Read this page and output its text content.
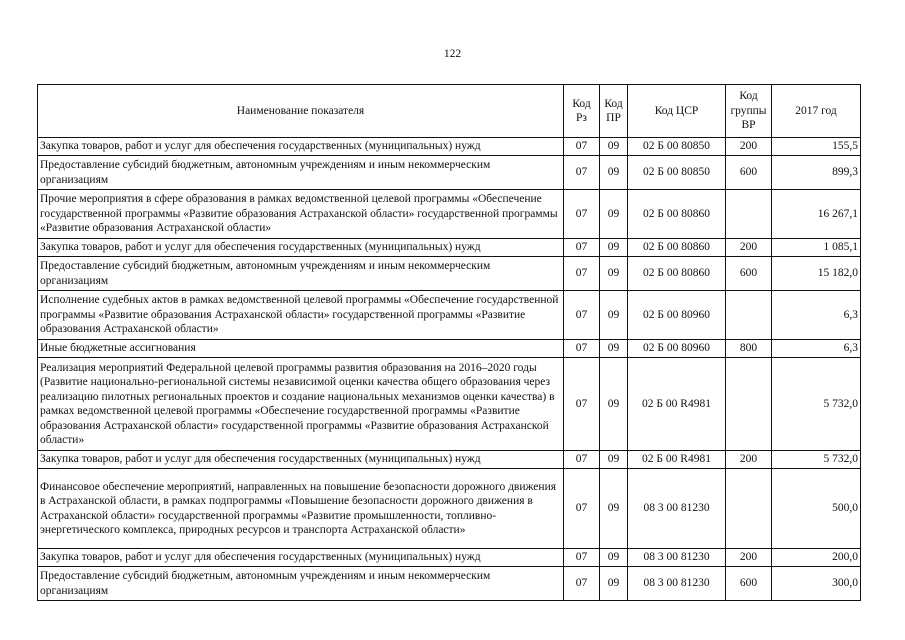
122
Наименование показателя	Код Рз	Код ПР	Код ЦСР	Код группы ВР	2017 год
Закупка товаров, работ и услуг для обеспечения государственных (муниципальных) нужд	07	09	02 Б 00 80850	200	155,5
Предоставление субсидий бюджетным, автономным учреждениям и иным некоммерческим организациям	07	09	02 Б 00 80850	600	899,3
Прочие мероприятия в сфере образования в рамках ведомственной целевой программы «Обеспечение государственной программы «Развитие образования Астраханской области» государственной программы «Развитие образования Астраханской области»	07	09	02 Б 00 80860		16 267,1
Закупка товаров, работ и услуг для обеспечения государственных (муниципальных) нужд	07	09	02 Б 00 80860	200	1 085,1
Предоставление субсидий бюджетным, автономным учреждениям и иным некоммерческим организациям	07	09	02 Б 00 80860	600	15 182,0
Исполнение судебных актов в рамках ведомственной целевой программы «Обеспечение государственной программы «Развитие образования Астраханской области» государственной программы «Развитие образования Астраханской области»	07	09	02 Б 00 80960		6,3
Иные бюджетные ассигнования	07	09	02 Б 00 80960	800	6,3
Реализация мероприятий Федеральной целевой программы развития образования на 2016–2020 годы (Развитие национально-региональной системы независимой оценки качества общего образования через реализацию пилотных региональных проектов и создание национальных механизмов оценки качества) в рамках ведомственной целевой программы «Обеспечение государственной программы «Развитие образования Астраханской области» государственной программы «Развитие образования Астраханской области»	07	09	02 Б 00 R4981		5 732,0
Закупка товаров, работ и услуг для обеспечения государственных (муниципальных) нужд	07	09	02 Б 00 R4981	200	5 732,0
Финансовое обеспечение мероприятий, направленных на повышение безопасности дорожного движения в Астраханской области, в рамках подпрограммы «Повышение безопасности дорожного движения в Астраханской области» государственной программы «Развитие промышленности, топливно-энергетического комплекса, природных ресурсов и транспорта Астраханской области»	07	09	08 3 00 81230		500,0
Закупка товаров, работ и услуг для обеспечения государственных (муниципальных) нужд	07	09	08 3 00 81230	200	200,0
Предоставление субсидий бюджетным, автономным учреждениям и иным некоммерческим организациям	07	09	08 3 00 81230	600	300,0
